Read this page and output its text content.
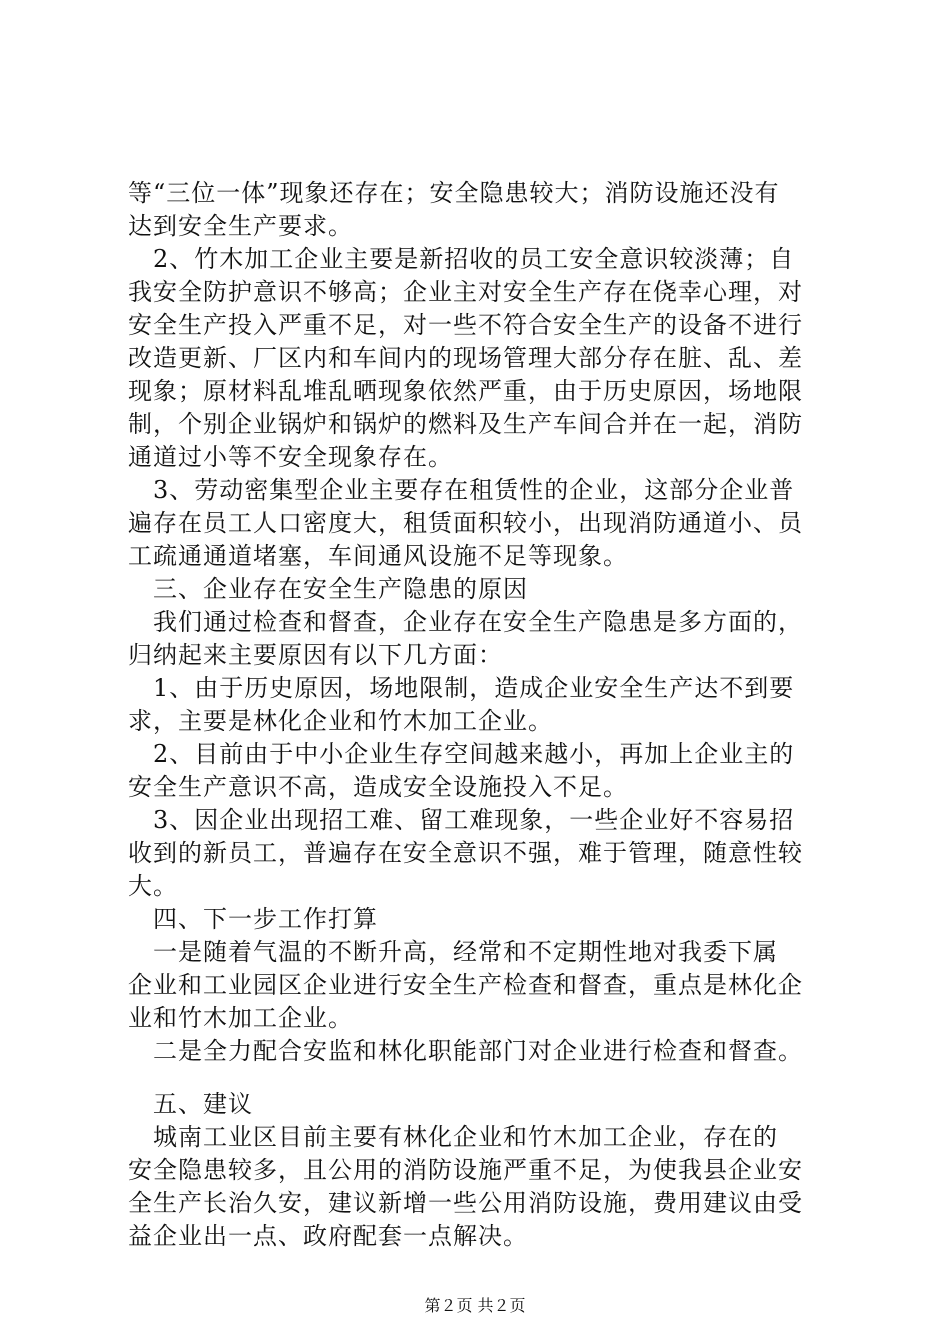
等“三位一体”现象还存在；安全隐患较大；消防设施还没有
达到安全生产要求。
　2、竹木加工企业主要是新招收的员工安全意识较淡薄；自
我安全防护意识不够高；企业主对安全生产存在侥幸心理，对
安全生产投入严重不足，对一些不符合安全生产的设备不进行
改造更新、厂区内和车间内的现场管理大部分存在脏、乱、差
现象；原材料乱堆乱晒现象依然严重，由于历史原因，场地限
制，个别企业锅炉和锅炉的燃料及生产车间合并在一起，消防
通道过小等不安全现象存在。
　3、劳动密集型企业主要存在租赁性的企业，这部分企业普
遍存在员工人口密度大，租赁面积较小，出现消防通道小、员
工疏通通道堵塞，车间通风设施不足等现象。
　三、企业存在安全生产隐患的原因
　我们通过检查和督查，企业存在安全生产隐患是多方面的，
归纳起来主要原因有以下几方面：
　1、由于历史原因，场地限制，造成企业安全生产达不到要
求，主要是林化企业和竹木加工企业。
　2、目前由于中小企业生存空间越来越小，再加上企业主的
安全生产意识不高，造成安全设施投入不足。
　3、因企业出现招工难、留工难现象，一些企业好不容易招
收到的新员工，普遍存在安全意识不强，难于管理，随意性较
大。
　四、下一步工作打算
　一是随着气温的不断升高，经常和不定期性地对我委下属
企业和工业园区企业进行安全生产检查和督查，重点是林化企
业和竹木加工企业。
　二是全力配合安监和林化职能部门对企业进行检查和督查。
　五、建议
　城南工业区目前主要有林化企业和竹木加工企业，存在的
安全隐患较多，且公用的消防设施严重不足，为使我县企业安
全生产长治久安，建议新增一些公用消防设施，费用建议由受
益企业出一点、政府配套一点解决。
第２页 共２页
